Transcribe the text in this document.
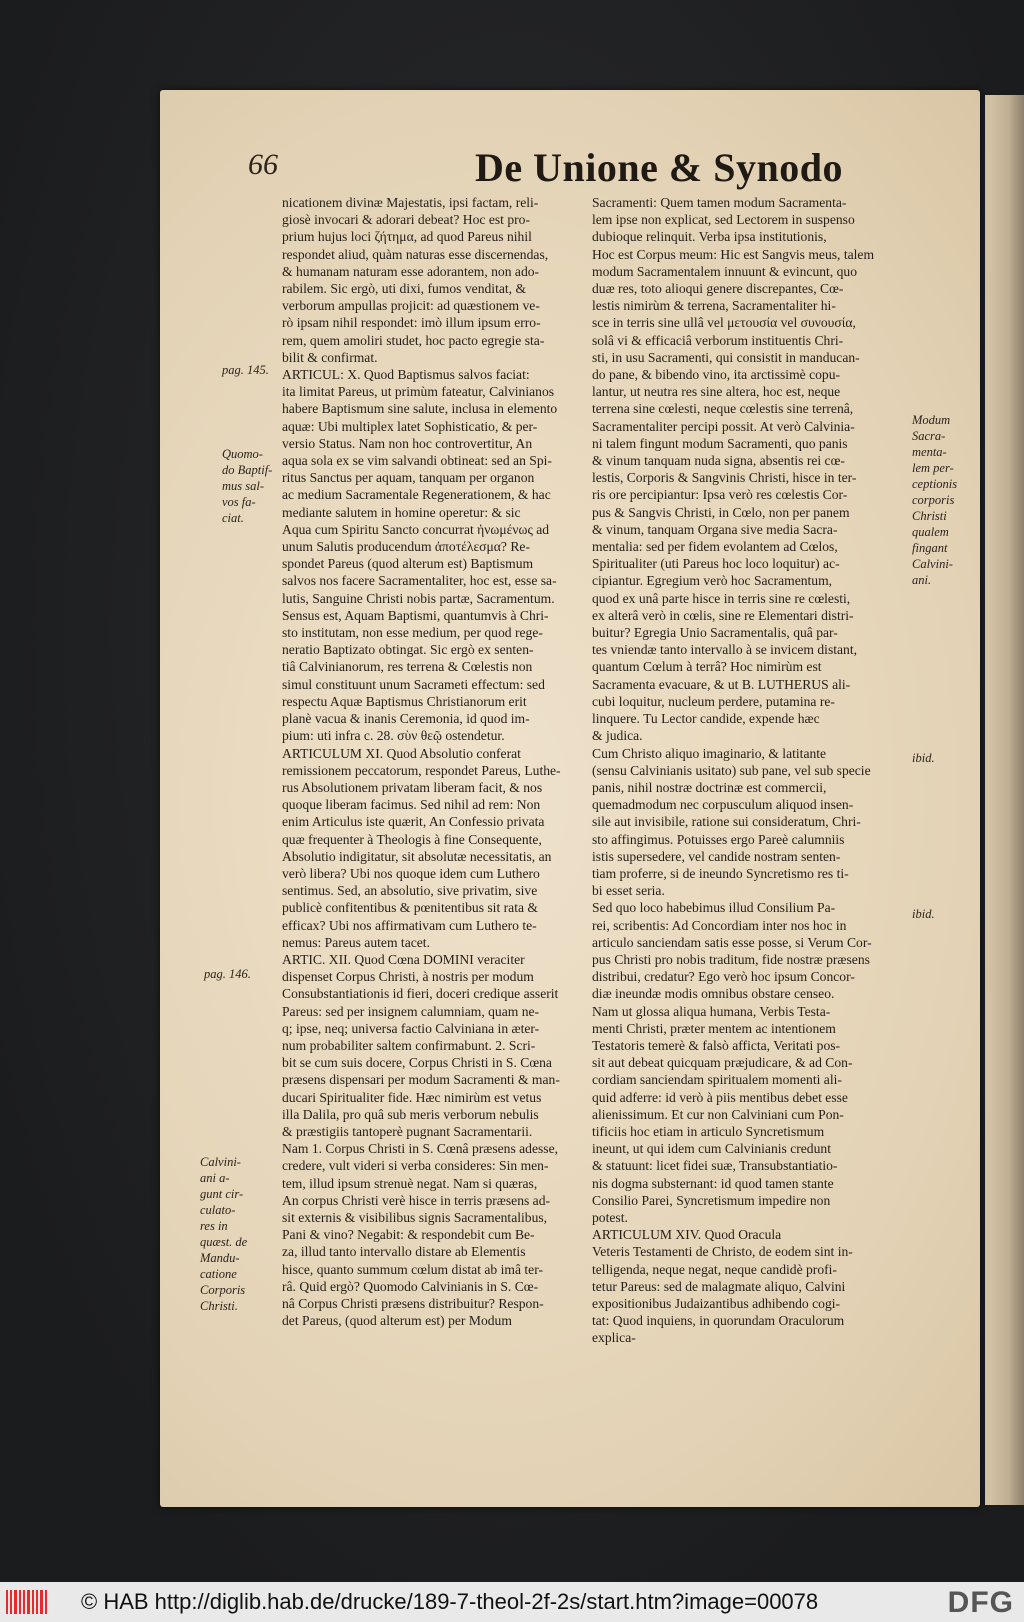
66	De Unione & Synodo
nicationem divinæ Majestatis, ipsi factam, reli-
giosè invocari & adorari debeat? Hoc est pro-
prium hujus loci ζήτημα, ad quod Pareus nihil
respondet aliud, quàm naturas esse discernendas,
& humanam naturam esse adorantem, non ado-
rabilem. Sic ergò, uti dixi, fumos venditat, &
verborum ampullas projicit: ad quæstionem ve-
rò ipsam nihil respondet: imò illum ipsum erro-
rem, quem amoliri studet, hoc pacto egregie sta-
bilit & confirmat.
ARTICUL: X. Quod Baptismus salvos faciat:
ita limitat Pareus, ut primùm fateatur, Calvinianos
habere Baptismum sine salute, inclusa in elemento
aquæ: Ubi multiplex latet Sophisticatio, & per-
versio Status. Nam non hoc controvertitur, An
aqua sola ex se vim salvandi obtineat: sed an Spi-
ritus Sanctus per aquam, tanquam per organon
ac medium Sacramentale Regenerationem, & hac
mediante salutem in homine operetur: & sic
Aqua cum Spiritu Sancto concurrat ἡνωμένως ad
unum Salutis producendum ἀποτέλεσμα? Re-
spondet Pareus (quod alterum est) Baptismum
salvos nos facere Sacramentaliter, hoc est, esse sa-
lutis, Sanguine Christi nobis partæ, Sacramentum.
Sensus est, Aquam Baptismi, quantumvis à Chri-
sto institutam, non esse medium, per quod rege-
neratio Baptizato obtingat. Sic ergò ex senten-
tiâ Calvinianorum, res terrena & Cœlestis non
simul constituunt unum Sacrameti effectum: sed
respectu Aquæ Baptismus Christianorum erit
planè vacua & inanis Ceremonia, id quod im-
pium: uti infra c. 28. σὺν θεῷ ostendetur.
ARTICULUM XI. Quod Absolutio conferat
remissionem peccatorum, respondet Pareus, Luthe-
rus Absolutionem privatam liberam facit, & nos
quoque liberam facimus. Sed nihil ad rem: Non
enim Articulus iste quærit, An Confessio privata
quæ frequenter à Theologis à fine Consequente,
Absolutio indigitatur, sit absolutæ necessitatis, an
verò libera? Ubi nos quoque idem cum Luthero
sentimus. Sed, an absolutio, sive privatim, sive
publicè confitentibus & pœnitentibus sit rata &
efficax? Ubi nos affirmativam cum Luthero te-
nemus: Pareus autem tacet.
ARTIC. XII. Quod Cœna DOMINI veraciter
dispenset Corpus Christi, à nostris per modum
Consubstantiationis id fieri, doceri credique asserit
Pareus: sed per insignem calumniam, quam ne-
q; ipse, neq; universa factio Calviniana in æter-
num probabiliter saltem confirmabunt. 2. Scri-
bit se cum suis docere, Corpus Christi in S. Cœna
præsens dispensari per modum Sacramenti & man-
ducari Spiritualiter fide. Hæc nimirùm est vetus
illa Dalila, pro quâ sub meris verborum nebulis
& præstigiis tantoperè pugnant Sacramentarii.
Nam 1. Corpus Christi in S. Cœnâ præsens adesse,
credere, vult videri si verba consideres: Sin men-
tem, illud ipsum strenuè negat. Nam si quæras,
An corpus Christi verè hisce in terris præsens ad-
sit externis & visibilibus signis Sacramentalibus,
Pani & vino? Negabit: & respondebit cum Be-
za, illud tanto intervallo distare ab Elementis
hisce, quanto summum cœlum distat ab imâ ter-
râ. Quid ergò? Quomodo Calvinianis in S. Cœ-
nâ Corpus Christi præsens distribuitur? Respon-
det Pareus, (quod alterum est) per Modum
Sacramenti: Quem tamen modum Sacramenta-
lem ipse non explicat, sed Lectorem in suspenso
dubioque relinquit. Verba ipsa institutionis,
Hoc est Corpus meum: Hic est Sangvis meus, talem
modum Sacramentalem innuunt & evincunt, quo
duæ res, toto alioqui genere discrepantes, Cœ-
lestis nimirùm & terrena, Sacramentaliter hi-
sce in terris sine ullâ vel μετουσία vel συνουσία,
solâ vi & efficaciâ verborum instituentis Chri-
sti, in usu Sacramenti, qui consistit in manducan-
do pane, & bibendo vino, ita arctissimè copu-
lantur, ut neutra res sine altera, hoc est, neque
terrena sine cœlesti, neque cœlestis sine terrenâ,
Sacramentaliter percipi possit. At verò Calvinia-
ni talem fingunt modum Sacramenti, quo panis
& vinum tanquam nuda signa, absentis rei cœ-
lestis, Corporis & Sangvinis Christi, hisce in ter-
ris ore percipiantur: Ipsa verò res cœlestis Cor-
pus & Sangvis Christi, in Cœlo, non per panem
& vinum, tanquam Organa sive media Sacra-
mentalia: sed per fidem evolantem ad Cœlos,
Spiritualiter (uti Pareus hoc loco loquitur) ac-
cipiantur. Egregium verò hoc Sacramentum,
quod ex unâ parte hisce in terris sine re cœlesti,
ex alterâ verò in cœlis, sine re Elementari distri-
buitur? Egregia Unio Sacramentalis, quâ par-
tes vniendæ tanto intervallo à se invicem distant,
quantum Cœlum à terrâ? Hoc nimirùm est
Sacramenta evacuare, & ut B. LUTHERUS ali-
cubi loquitur, nucleum perdere, putamina re-
linquere. Tu Lector candide, expende hæc
& judica.
Cum Christo aliquo imaginario, & latitante
(sensu Calvinianis usitato) sub pane, vel sub specie
panis, nihil nostræ doctrinæ est commercii,
quemadmodum nec corpusculum aliquod insen-
sile aut invisibile, ratione sui consideratum, Chri-
sto affingimus. Potuisses ergo Pareè calumniis
istis supersedere, vel candide nostram senten-
tiam proferre, si de ineundo Syncretismo res ti-
bi esset seria.
Sed quo loco habebimus illud Consilium Pa-
rei, scribentis: Ad Concordiam inter nos hoc in
articulo sanciendam satis esse posse, si Verum Cor-
pus Christi pro nobis traditum, fide nostræ præsens
distribui, credatur? Ego verò hoc ipsum Concor-
diæ ineundæ modis omnibus obstare censeo.
Nam ut glossa aliqua humana, Verbis Testa-
menti Christi, præter mentem ac intentionem
Testatoris temerè & falsò afficta, Veritati pos-
sit aut debeat quicquam præjudicare, & ad Con-
cordiam sanciendam spiritualem momenti ali-
quid adferre: id verò à piis mentibus debet esse
alienissimum. Et cur non Calviniani cum Pon-
tificiis hoc etiam in articulo Syncretismum
ineunt, ut qui idem cum Calvinianis credunt
& statuunt: licet fidei suæ, Transubstantiatio-
nis dogma substernant: id quod tamen stante
Consilio Parei, Syncretismum impedire non
potest.
ARTICULUM XIV. Quod Oracula
Veteris Testamenti de Christo, de eodem sint in-
telligenda, neque negat, neque candidè profi-
tetur Pareus: sed de malagmate aliquo, Calvini
expositionibus Judaizantibus adhibendo cogi-
tat: Quod inquiens, in quorundam Oraculorum
explica-
pag. 145.
Quomo-
do Baptif-
mus sal-
vos fa-
ciat.
pag. 146.
Calvini-
ani a-
gunt cir-
culato-
res in
quæst. de
Mandu-
catione
Corporis
Christi.
Modum
Sacra-
menta-
lem per-
ceptionis
corporis
Christi
qualem
fingant
Calvini-
ani.
ibid.
ibid.
© HAB http://diglib.hab.de/drucke/189-7-theol-2f-2s/start.htm?image=00078	DFG
